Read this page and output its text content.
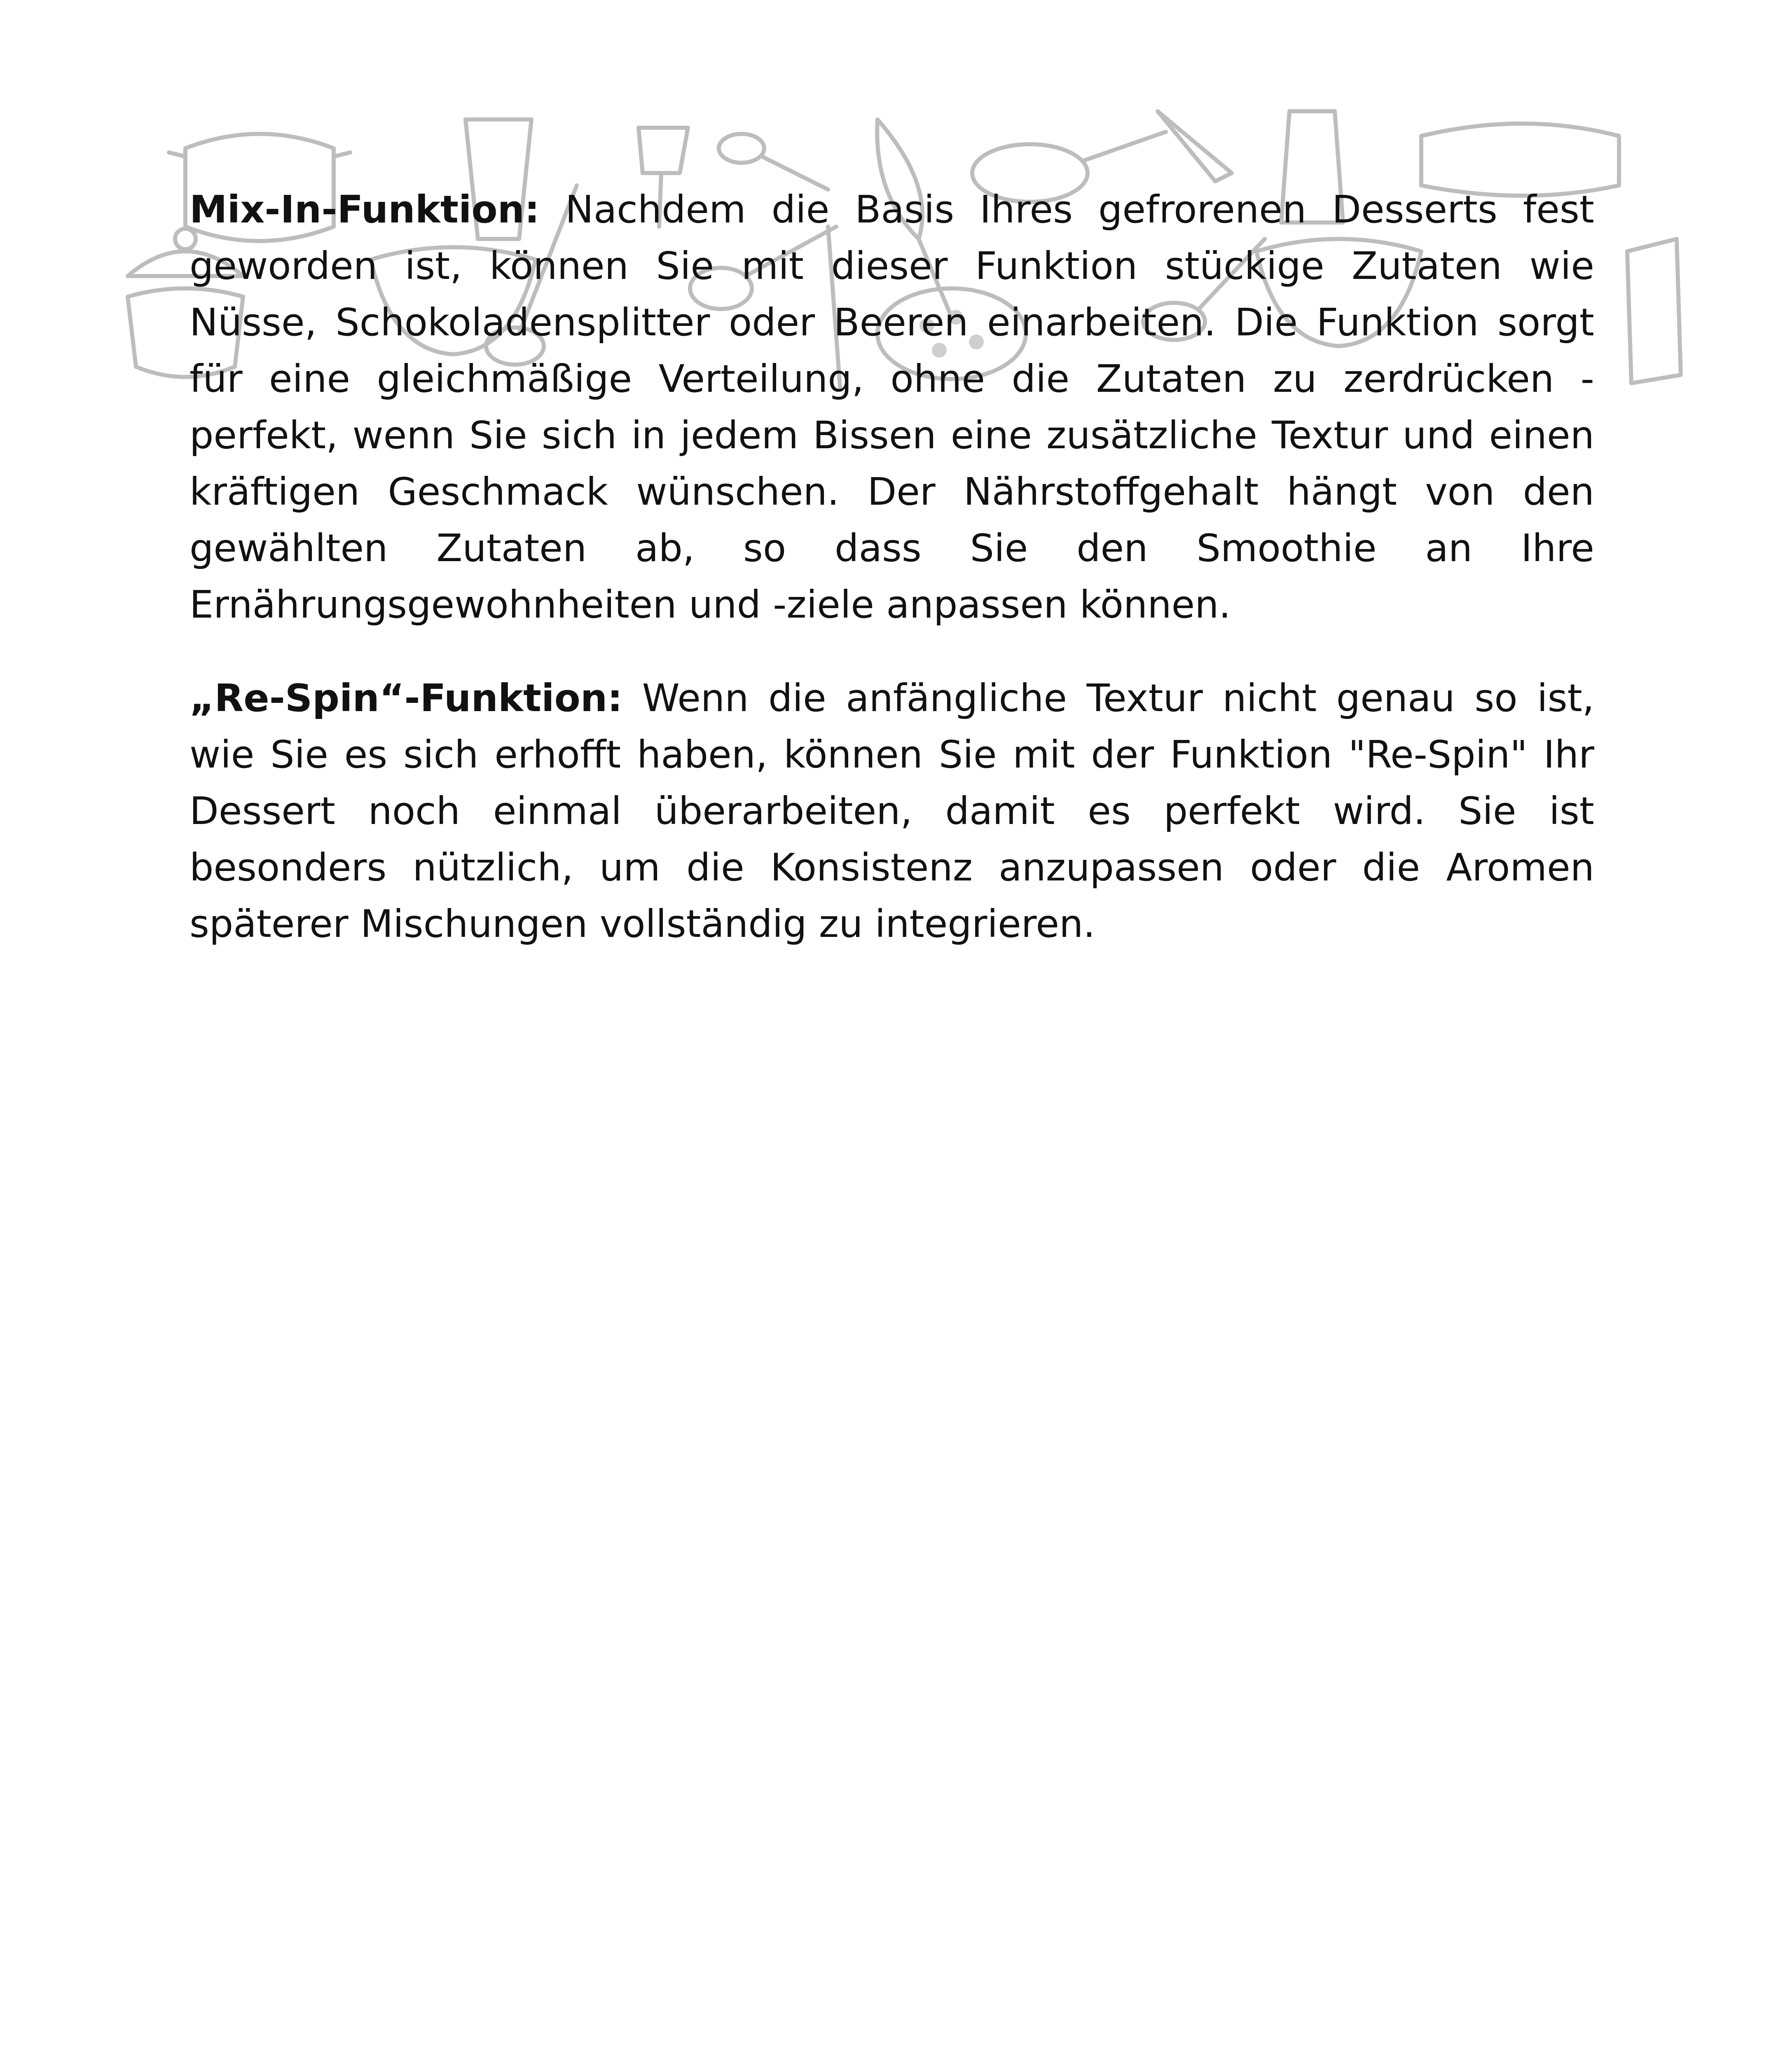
Mix-In-Funktion: Nachdem die Basis Ihres gefrorenen Desserts fest geworden ist, können Sie mit dieser Funktion stückige Zutaten wie Nüsse, Schokoladensplitter oder Beeren einarbeiten. Die Funktion sorgt für eine gleichmäßige Verteilung, ohne die Zutaten zu zerdrücken - perfekt, wenn Sie sich in jedem Bissen eine zusätzliche Textur und einen kräftigen Geschmack wünschen. Der Nährstoffgehalt hängt von den gewählten Zutaten ab, so dass Sie den Smoothie an Ihre Ernährungsgewohnheiten und -ziele anpassen können.

„Re-Spin“-Funktion: Wenn die anfängliche Textur nicht genau so ist, wie Sie es sich erhofft haben, können Sie mit der Funktion "Re-Spin" Ihr Dessert noch einmal überarbeiten, damit es perfekt wird. Sie ist besonders nützlich, um die Konsistenz anzupassen oder die Aromen späterer Mischungen vollständig zu integrieren.
